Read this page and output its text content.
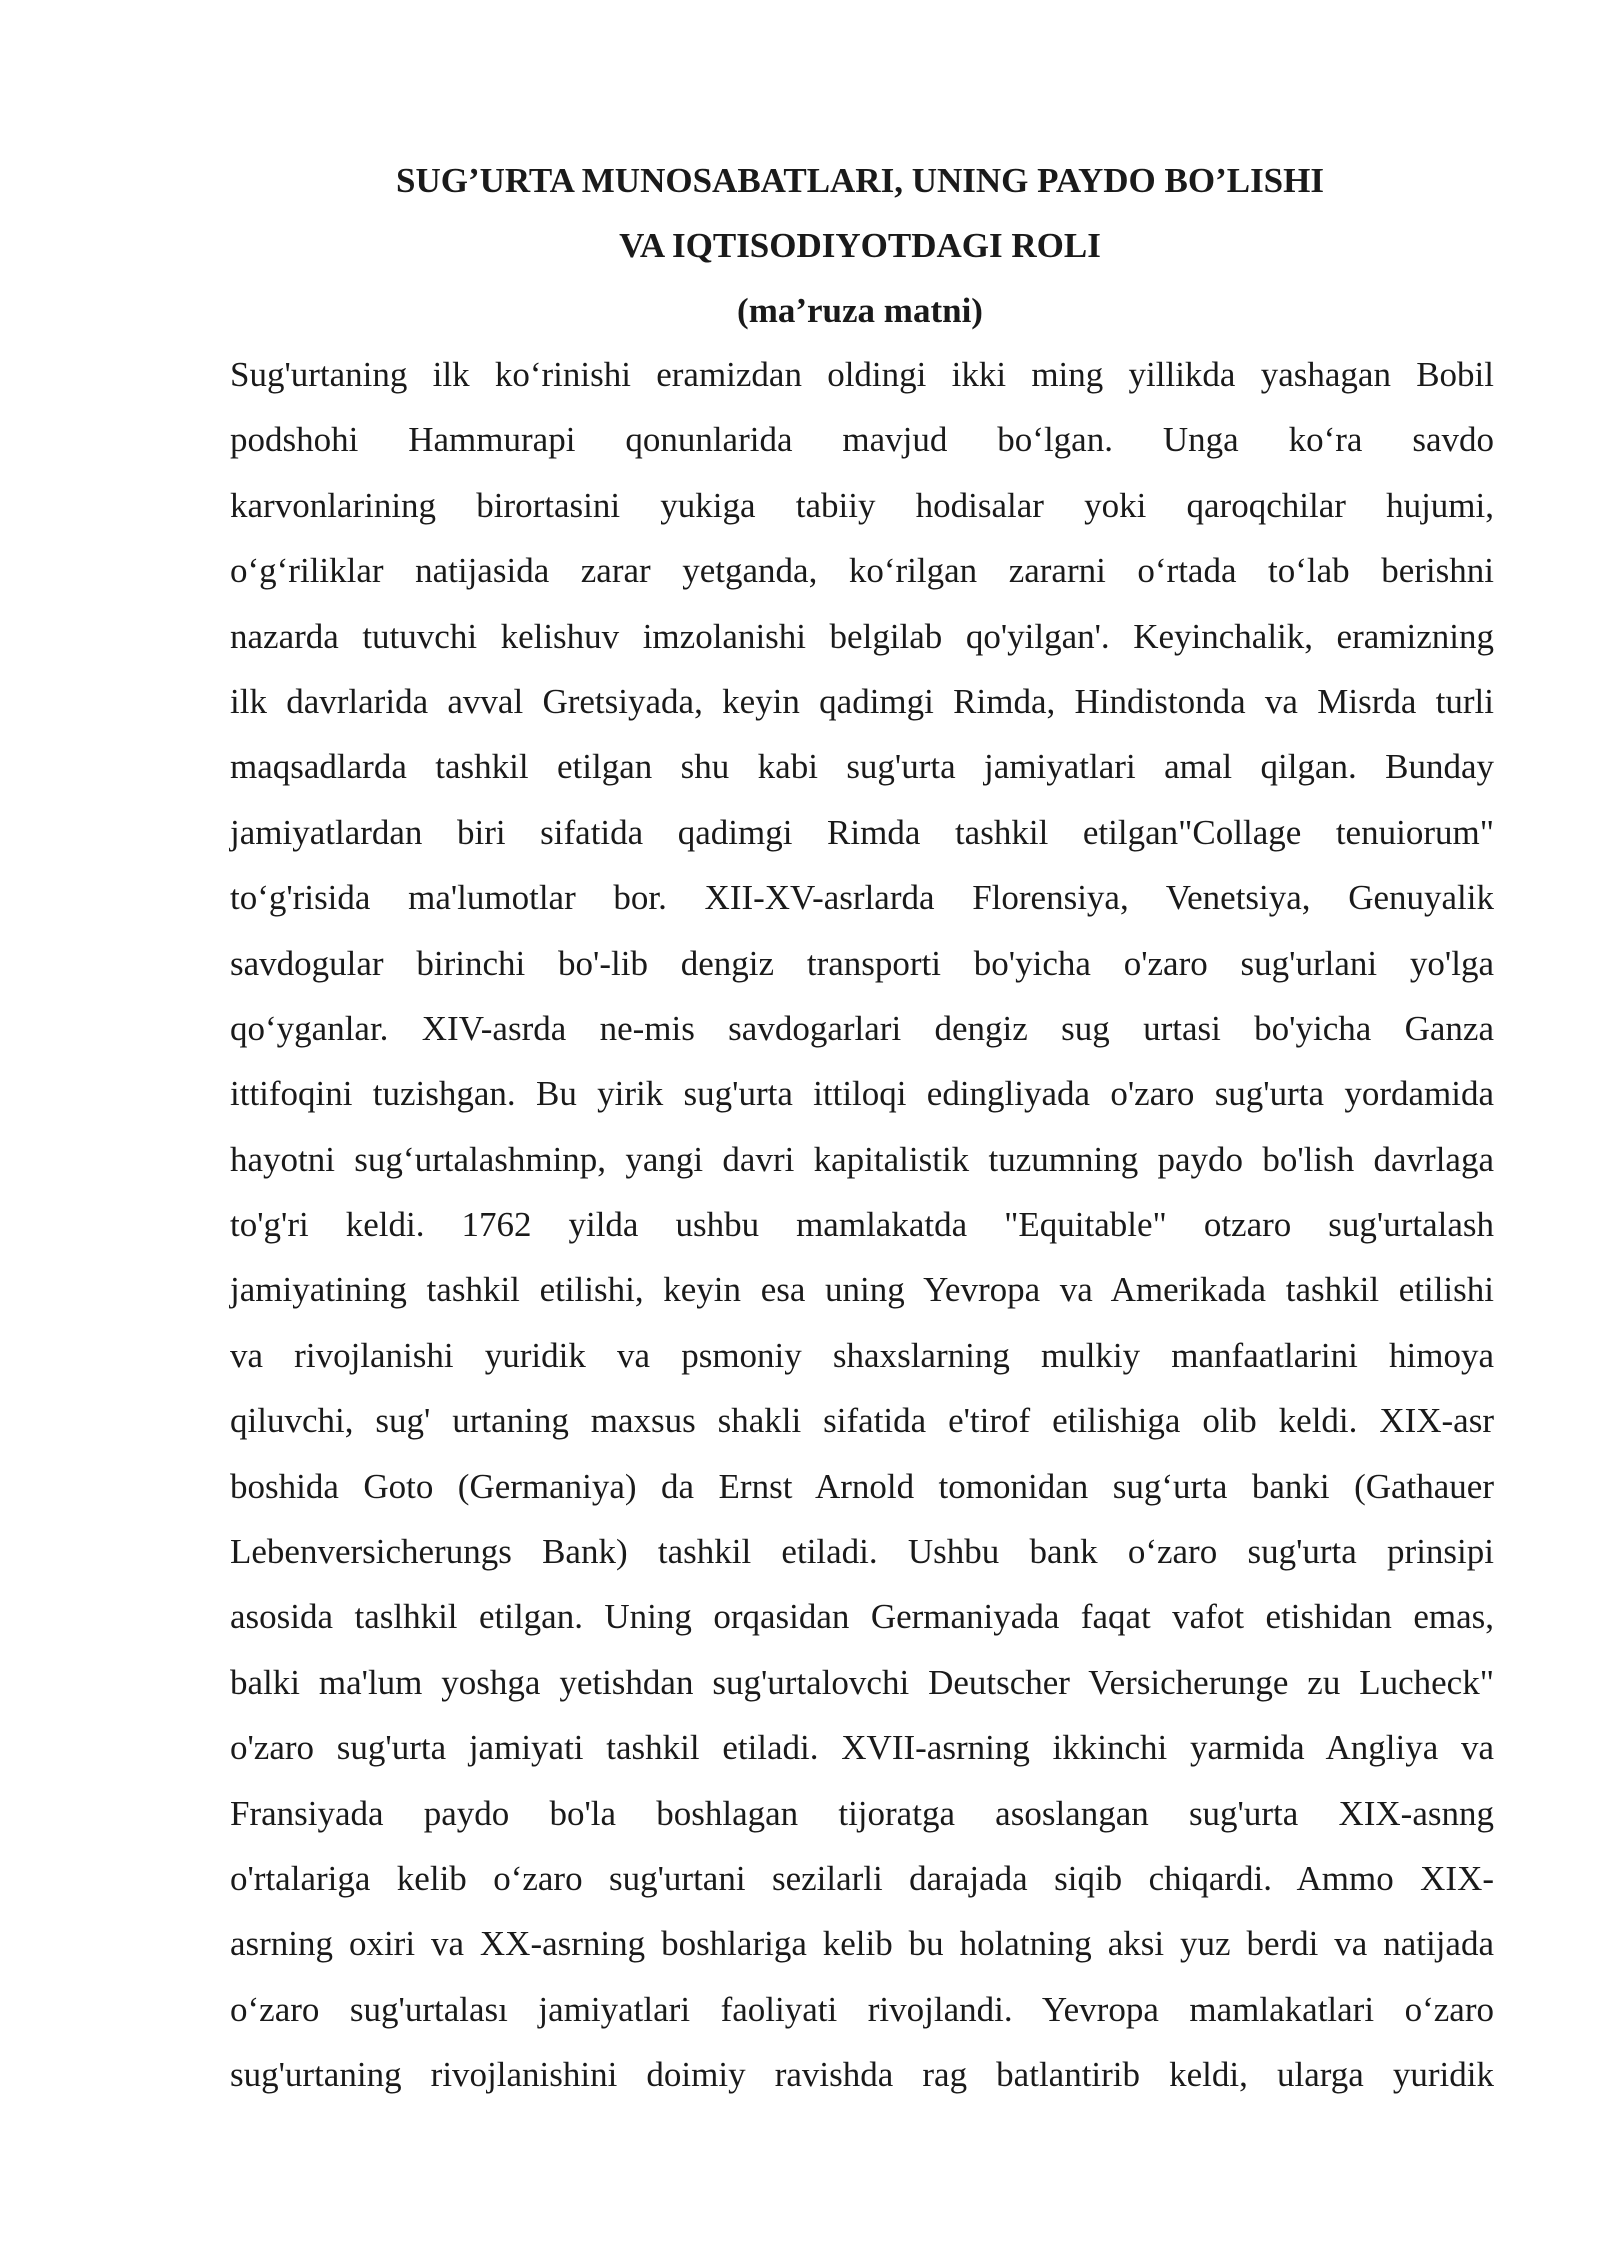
SUG’URTA MUNOSABATLARI, UNING PAYDO BO’LISHI
VA IQTISODIYOTDAGI ROLI
(ma’ruza matni)
Sug'urtaning ilk ko‘rinishi eramizdan oldingi ikki ming yillikda yashagan Bobil
podshohi Hammurapi qonunlarida mavjud bo‘lgan. Unga ko‘ra savdo
karvonlarining birortasini yukiga tabiiy hodisalar yoki qaroqchilar hujumi,
o‘g‘riliklar natijasida zarar yetganda, ko‘rilgan zararni o‘rtada to‘lab berishni
nazarda tutuvchi kelishuv imzolanishi belgilab qo'yilgan'. Keyinchalik, eramizning
ilk davrlarida avval Gretsiyada, keyin qadimgi Rimda, Hindistonda va Misrda turli
maqsadlarda tashkil etilgan shu kabi sug'urta jamiyatlari amal qilgan. Bunday
jamiyatlardan biri sifatida qadimgi Rimda tashkil etilgan"Collage tenuiorum"
to‘g'risida ma'lumotlar bor. XII-XV-asrlarda Florensiya, Venetsiya, Genuyalik
savdogular birinchi bo'-lib dengiz transporti bo'yicha o'zaro sug'urlani yo'lga
qo‘yganlar. XIV-asrda ne-mis savdogarlari dengiz sug urtasi bo'yicha Ganza
ittifoqini tuzishgan. Bu yirik sug'urta ittiloqi edingliyada o'zaro sug'urta yordamida
hayotni sug‘urtalashminp, yangi davri kapitalistik tuzumning paydo bo'lish davrlaga
to'g'ri keldi. 1762 yilda ushbu mamlakatda "Equitable" otzaro sug'urtalash
jamiyatining tashkil etilishi, keyin esa uning Yevropa va Amerikada tashkil etilishi
va rivojlanishi yuridik va psmoniy shaxslarning mulkiy manfaatlarini himoya
qiluvchi, sug' urtaning maxsus shakli sifatida e'tirof etilishiga olib keldi. XIX-asr
boshida Goto (Germaniya) da Ernst Arnold tomonidan sug‘urta banki (Gathauer
Lebenversicherungs Bank) tashkil etiladi. Ushbu bank o‘zaro sug'urta prinsipi
asosida taslhkil etilgan. Uning orqasidan Germaniyada faqat vafot etishidan emas,
balki ma'lum yoshga yetishdan sug'urtalovchi Deutscher Versicherunge zu Lucheck"
o'zaro sug'urta jamiyati tashkil etiladi. XVII-asrning ikkinchi yarmida Angliya va
Fransiyada paydo bo'la boshlagan tijoratga asoslangan sug'urta XIX-asnng
o'rtalariga kelib o‘zaro sug'urtani sezilarli darajada siqib chiqardi. Ammo XIX-
asrning oxiri va XX-asrning boshlariga kelib bu holatning aksi yuz berdi va natijada
o‘zaro sug'urtalası jamiyatlari faoliyati rivojlandi. Yevropa mamlakatlari o‘zaro
sug'urtaning rivojlanishini doimiy ravishda rag batlantirib keldi, ularga yuridik
